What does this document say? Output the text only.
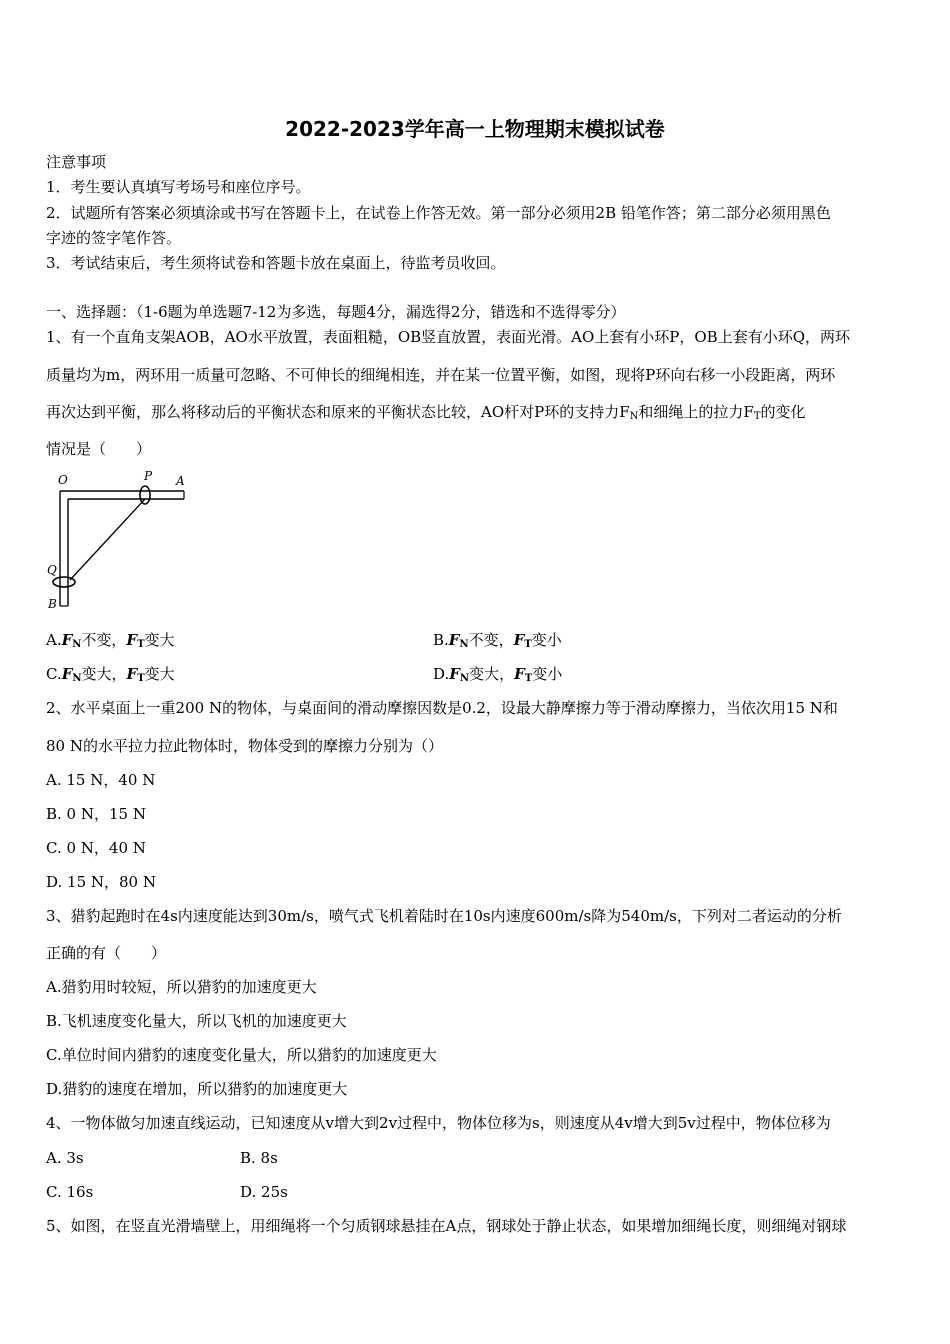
2022-2023学年高一上物理期末模拟试卷
注意事项
1．考生要认真填写考场号和座位序号。
2．试题所有答案必须填涂或书写在答题卡上，在试卷上作答无效。第一部分必须用2B 铅笔作答；第二部分必须用黑色
字迹的签字笔作答。
3．考试结束后，考生须将试卷和答题卡放在桌面上，待监考员收回。
一、选择题：（1-6题为单选题7-12为多选，每题4分，漏选得2分，错选和不选得零分）
1、有一个直角支架AOB，AO水平放置，表面粗糙，OB竖直放置，表面光滑。AO上套有小环P，OB上套有小环Q，两环
质量均为m，两环用一质量可忽略、不可伸长的细绳相连，并在某一位置平衡，如图，现将P环向右移一小段距离，两环
再次达到平衡，那么将移动后的平衡状态和原来的平衡状态比较，AO杆对P环的支持力$F_N$和细绳上的拉力$F_T$的变化
情况是（　　）
O	P A
Q
B
$A.F_N$不变，$F_T$变大	$B.F_N$不变，$F_T$变小
$C.F_N$变大，$F_T$变大	$D.F_N$变大，$F_T$变小
2、水平桌面上一重200 N的物体，与桌面间的滑动摩擦因数是0.2，设最大静摩擦力等于滑动摩擦力，当依次用15 N和
80 N的水平拉力拉此物体时，物体受到的摩擦力分别为（）
A. 15 N，40 N
B. 0 N，15 N
C. 0 N，40 N
D. 15 N，80 N
3、猎豹起跑时在4s内速度能达到30m/s，喷气式飞机着陆时在10s内速度600m/s降为540m/s，下列对二者运动的分析
正确的有（　　）
A.猎豹用时较短，所以猎豹的加速度更大
B.飞机速度变化量大，所以飞机的加速度更大
C.单位时间内猎豹的速度变化量大，所以猎豹的加速度更大
D.猎豹的速度在增加，所以猎豹的加速度更大
4、一物体做匀加速直线运动，已知速度从v增大到2v过程中，物体位移为s，则速度从4v增大到5v过程中，物体位移为
A. 3s	B. 8s
C. 16s	D. 25s
5、如图，在竖直光滑墙壁上，用细绳将一个匀质钢球悬挂在A点，钢球处于静止状态，如果增加细绳长度，则细绳对钢球
